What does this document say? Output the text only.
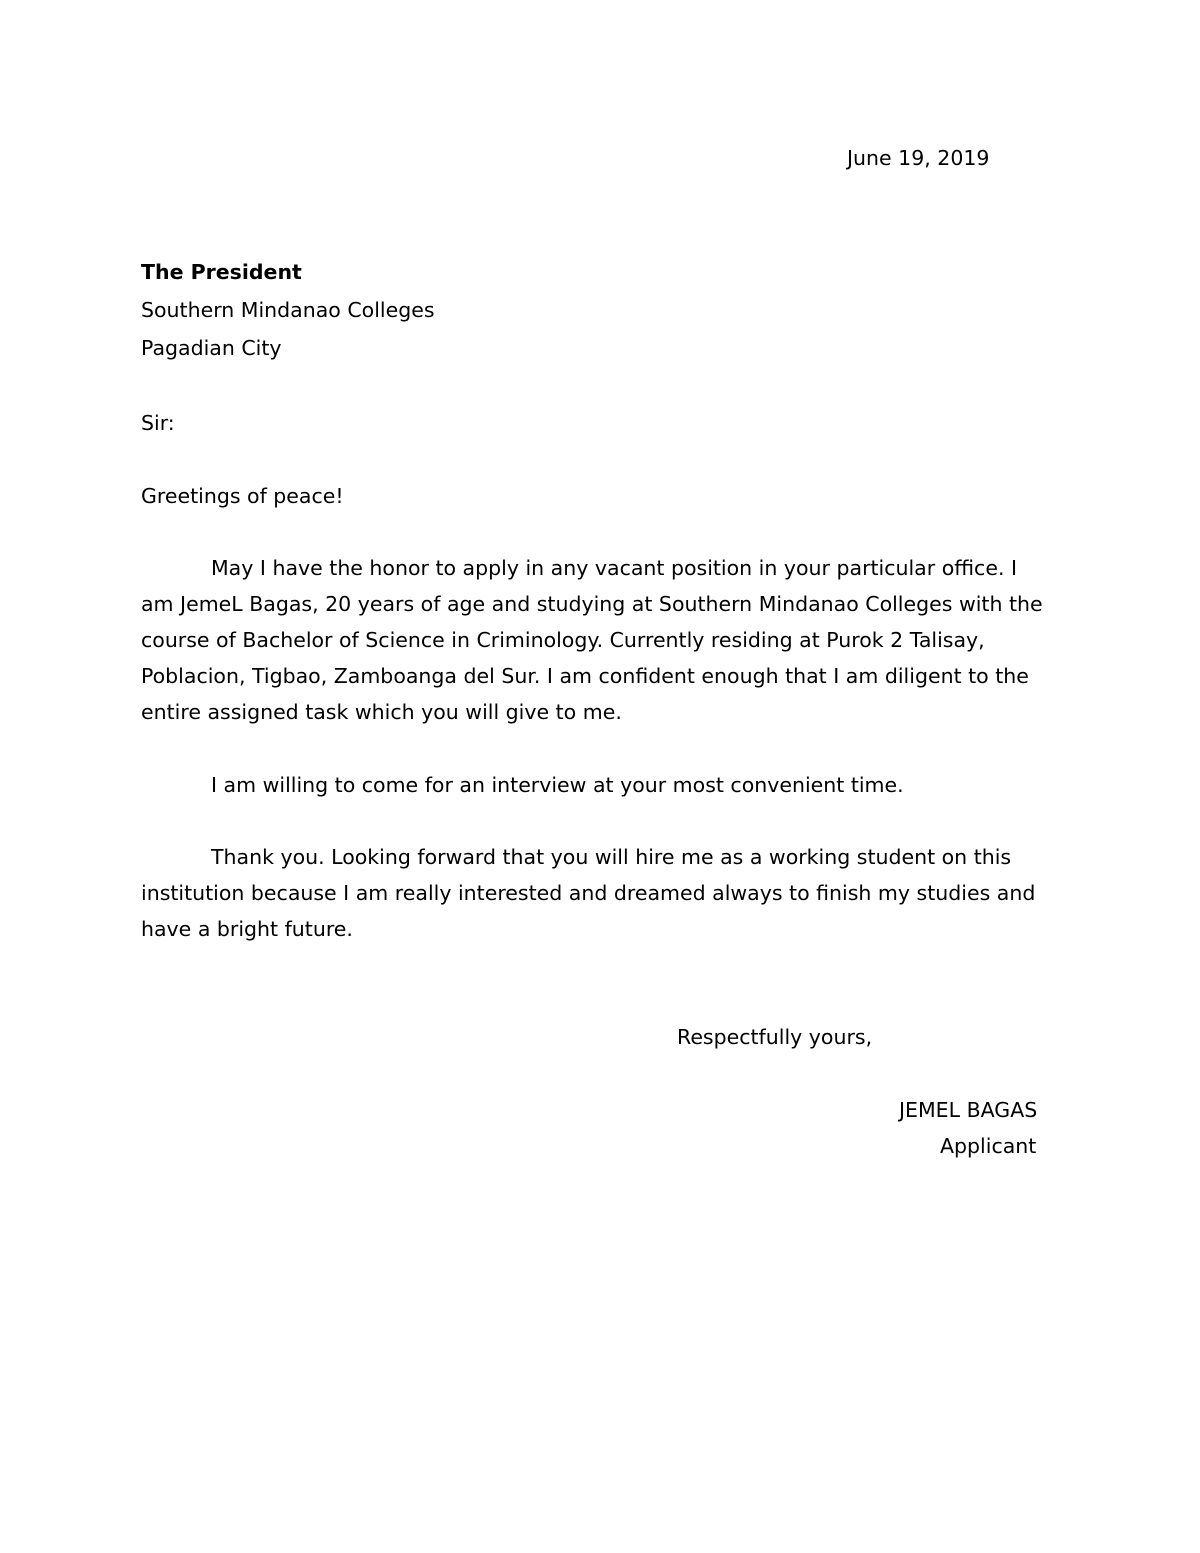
June 19, 2019

The President

Southern Mindanao Colleges

Pagadian City

Sir:

Greetings of peace!

May I have the honor to apply in any vacant position in your particular office. I
am JemeL Bagas, 20 years of age and studying at Southern Mindanao Colleges with the
course of Bachelor of Science in Criminology. Currently residing at Purok 2 Talisay,
Poblacion, Tigbao, Zamboanga del Sur. I am confident enough that I am diligent to the
entire assigned task which you will give to me.
I am willing to come for an interview at your most convenient time.
Thank you. Looking forward that you will hire me as a working student on this
institution because I am really interested and dreamed always to finish my studies and
have a bright future.

Respectfully yours,

JEMEL BAGAS

Applicant
